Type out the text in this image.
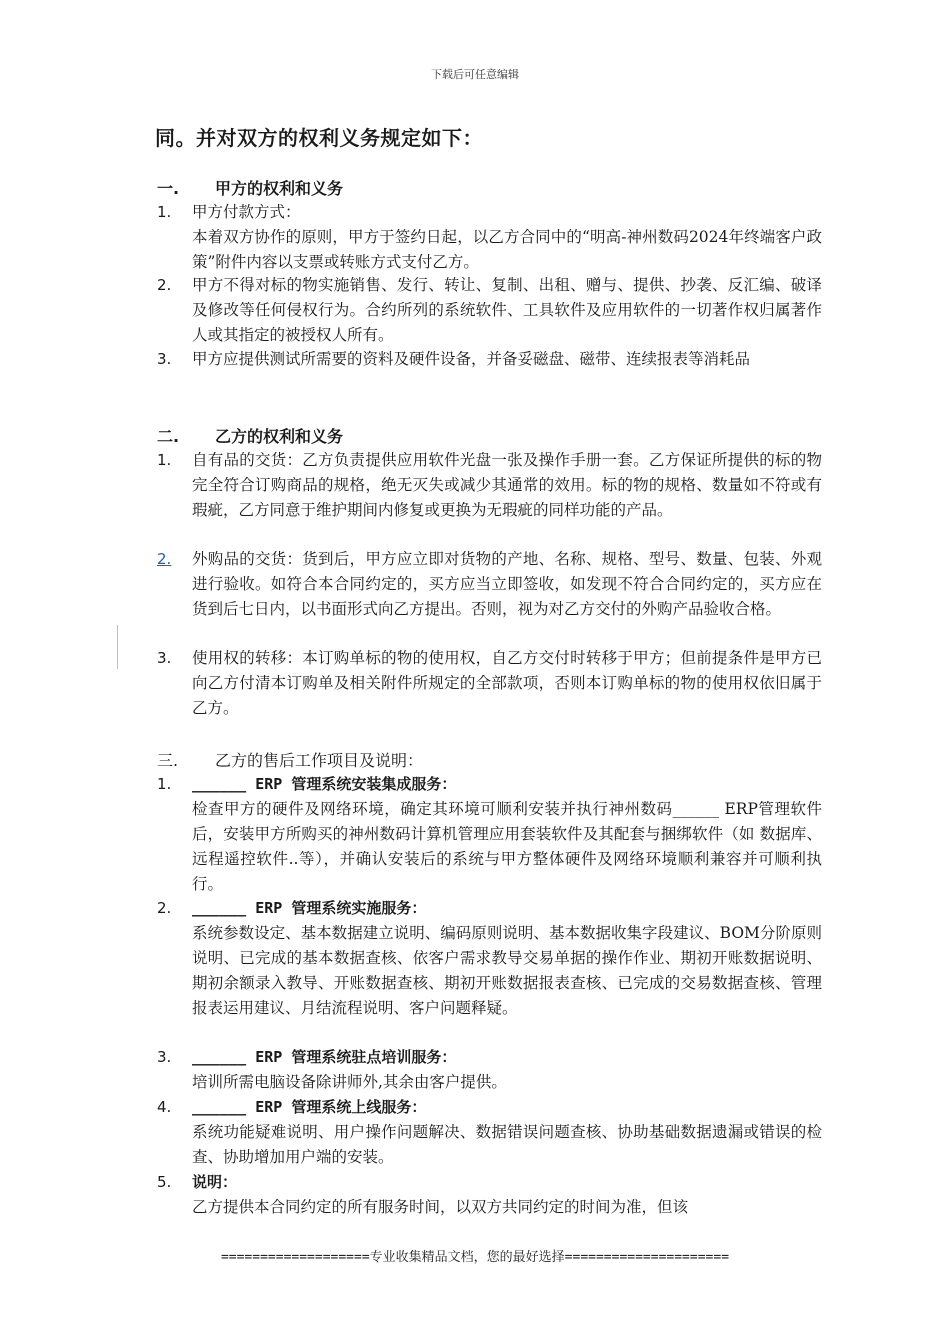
下载后可任意编辑
同。并对双方的权利义务规定如下：
一. 甲方的权利和义务
1.	甲方付款方式：
本着双方协作的原则，甲方于签约日起，以乙方合同中的“明高-神州数码2024年终端客户政策”附件内容以支票或转账方式支付乙方。
2.	甲方不得对标的物实施销售、发行、转让、复制、出租、赠与、提供、抄袭、反汇编、破译及修改等任何侵权行为。合约所列的系统软件、工具软件及应用软件的一切著作权归属著作人或其指定的被授权人所有。
3.	甲方应提供测试所需要的资料及硬件设备，并备妥磁盘、磁带、连续报表等消耗品
二. 乙方的权利和义务
1.	自有品的交货：乙方负责提供应用软件光盘一张及操作手册一套。乙方保证所提供的标的物完全符合订购商品的规格，绝无灭失或减少其通常的效用。标的物的规格、数量如不符或有瑕疵，乙方同意于维护期间内修复或更换为无瑕疵的同样功能的产品。
2.	外购品的交货：货到后，甲方应立即对货物的产地、名称、规格、型号、数量、包装、外观进行验收。如符合本合同约定的，买方应当立即签收，如发现不符合合同约定的，买方应在货到后七日内，以书面形式向乙方提出。否则，视为对乙方交付的外购产品验收合格。
3.	使用权的转移：本订购单标的物的使用权，自乙方交付时转移于甲方；但前提条件是甲方已向乙方付清本订购单及相关附件所规定的全部款项，否则本订购单标的物的使用权依旧属于乙方。
三. 乙方的售后工作项目及说明：
1.	______ ERP 管理系统安装集成服务：
检查甲方的硬件及网络环境，确定其环境可顺利安装并执行神州数码______ ERP管理软件后，安装甲方所购买的神州数码计算机管理应用套装软件及其配套与捆绑软件（如 数据库、远程遥控软件..等），并确认安装后的系统与甲方整体硬件及网络环境顺利兼容并可顺利执行。
2.	______ ERP 管理系统实施服务：
系统参数设定、基本数据建立说明、编码原则说明、基本数据收集字段建议、BOM分阶原则说明、已完成的基本数据查核、依客户需求教导交易单据的操作作业、期初开账数据说明、期初余额录入教导、开账数据查核、期初开账数据报表查核、已完成的交易数据查核、管理报表运用建议、月结流程说明、客户问题释疑。
3.	______ ERP 管理系统驻点培训服务：
培训所需电脑设备除讲师外,其余由客户提供。
4.	______ ERP 管理系统上线服务：
系统功能疑难说明、用户操作问题解决、数据错误问题查核、协助基础数据遗漏或错误的检查、协助增加用户端的安装。
5.	说明：
乙方提供本合同约定的所有服务时间，以双方共同约定的时间为准，但该
===================专业收集精品文档，您的最好选择=====================
